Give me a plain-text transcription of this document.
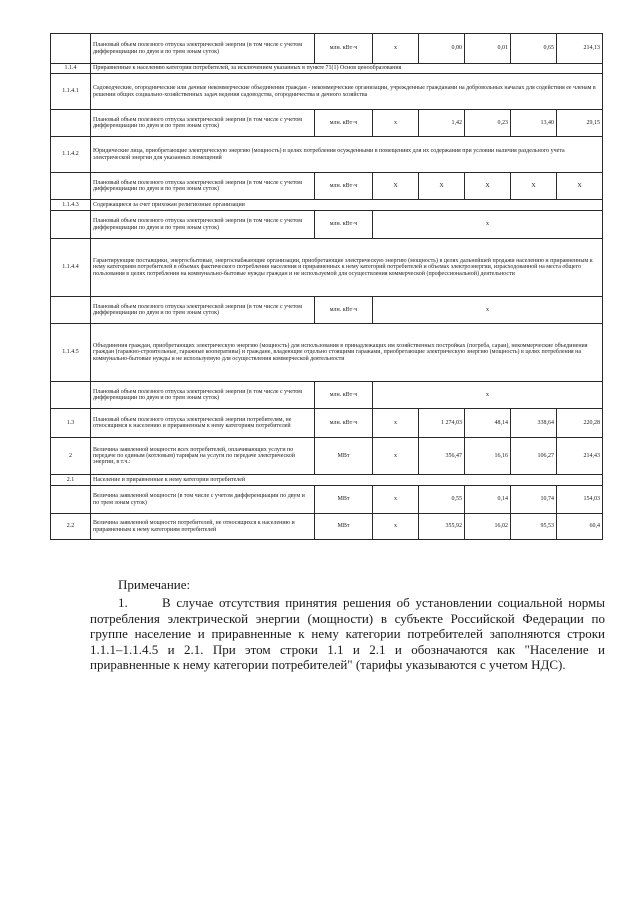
	Плановый объем полезного отпуска электрической энергии (в том числе с учетом дифференциации по двум и по трем зонам суток)	млн. кВт·ч	x	0,00	0,01	0,65	214,13
1.1.4	Приравненные к населению категории потребителей, за исключением указанных в пункте 71(1) Основ ценообразования						
1.1.4.1	Садоводческие, огороднические или дачные некоммерческие объединения граждан - некоммерческие организации, учрежденные гражданами на добровольных началах для содействия ее членам в решении общих социально-хозяйственных задач ведения садоводства, огородничества и дачного хозяйства						
	Плановый объем полезного отпуска электрической энергии (в том числе с учетом дифференциации по двум и по трем зонам суток)	млн. кВт·ч	x	1,42	0,23	13,40	29,15
1.1.4.2	Юридические лица, приобретающие электрическую энергию (мощность) в целях потребления осужденными в помещениях для их содержания при условии наличия раздельного учета электрической энергии для указанных помещений						
	Плановый объем полезного отпуска электрической энергии (в том числе с учетом дифференциации по двум и по трем зонам суток)	млн. кВт·ч	X	X	X	X	X
1.1.4.3	Содержащиеся за счет прихожан религиозные организации						
	Плановый объем полезного отпуска электрической энергии (в том числе с учетом дифференциации по двум и по трем зонам суток)	млн. кВт·ч	x				
1.1.4.4	Гарантирующие поставщики, энергосбытовые, энергоснабжающие организации, приобретающие электрическую энергию (мощность) в целях дальнейшей продажи населению и приравненным к нему категориям потребителей в объемах фактического потребления населения и приравненных к нему категорий потребителей и объемах электроэнергии, израсходованной на места общего пользования в целях потребления на коммунально-бытовые нужды граждан и не используемой для осуществления коммерческой (профессиональной) деятельности						
	Плановый объем полезного отпуска электрической энергии (в том числе с учетом дифференциации по двум и по трем зонам суток)	млн. кВт·ч	x				
1.1.4.5	Объединения граждан, приобретающих электрическую энергию (мощность) для использования в принадлежащих им хозяйственных постройках (погреба, сараи), некоммерческие объединения граждан (гаражно-строительные, гаражные кооперативы) и граждане, владеющие отдельно стоящими гаражами, приобретающие электрическую энергию (мощность) в целях потребления на коммунально-бытовые нужды и не используемую для осуществления коммерческой деятельности						
	Плановый объем полезного отпуска электрической энергии (в том числе с учетом дифференциации по двум и по трем зонам суток)	млн. кВт·ч	x				
1.3	Плановый объем полезного отпуска электрической энергии потребителям, не относящимся к населению и приравненным к нему категориям потребителей	млн. кВт·ч	x	1 274,03	48,14	338,64	220,28
2	Величина заявленной мощности всех потребителей, оплачивающих услуги по передаче по единым (котловым) тарифам на услуги по передаче электрической энергии, в т.ч.:	МВт	x	356,47	16,16	106,27	214,43
2.1	Население и приравненные к нему категории потребителей						
	Величина заявленной мощности (в том числе с учетом дифференциации по двум и по трем зонам суток)	МВт	x	0,55	0,14	10,74	154,03
2.2	Величина заявленной мощности потребителей, не относящихся к населению и приравненным к нему категориям потребителей	МВт	x	355,92	16,02	95,53	60,4
Примечание:
1.	В случае отсутствия принятия решения об установлении социальной нормы потребления электрической энергии (мощности) в субъекте Российской Федерации по группе население и приравненные к нему категории потребителей заполняются строки 1.1.1–1.1.4.5 и 2.1. При этом строки 1.1 и 2.1 и обозначаются как "Население и приравненные к нему категории потребителей" (тарифы указываются с учетом НДС).
